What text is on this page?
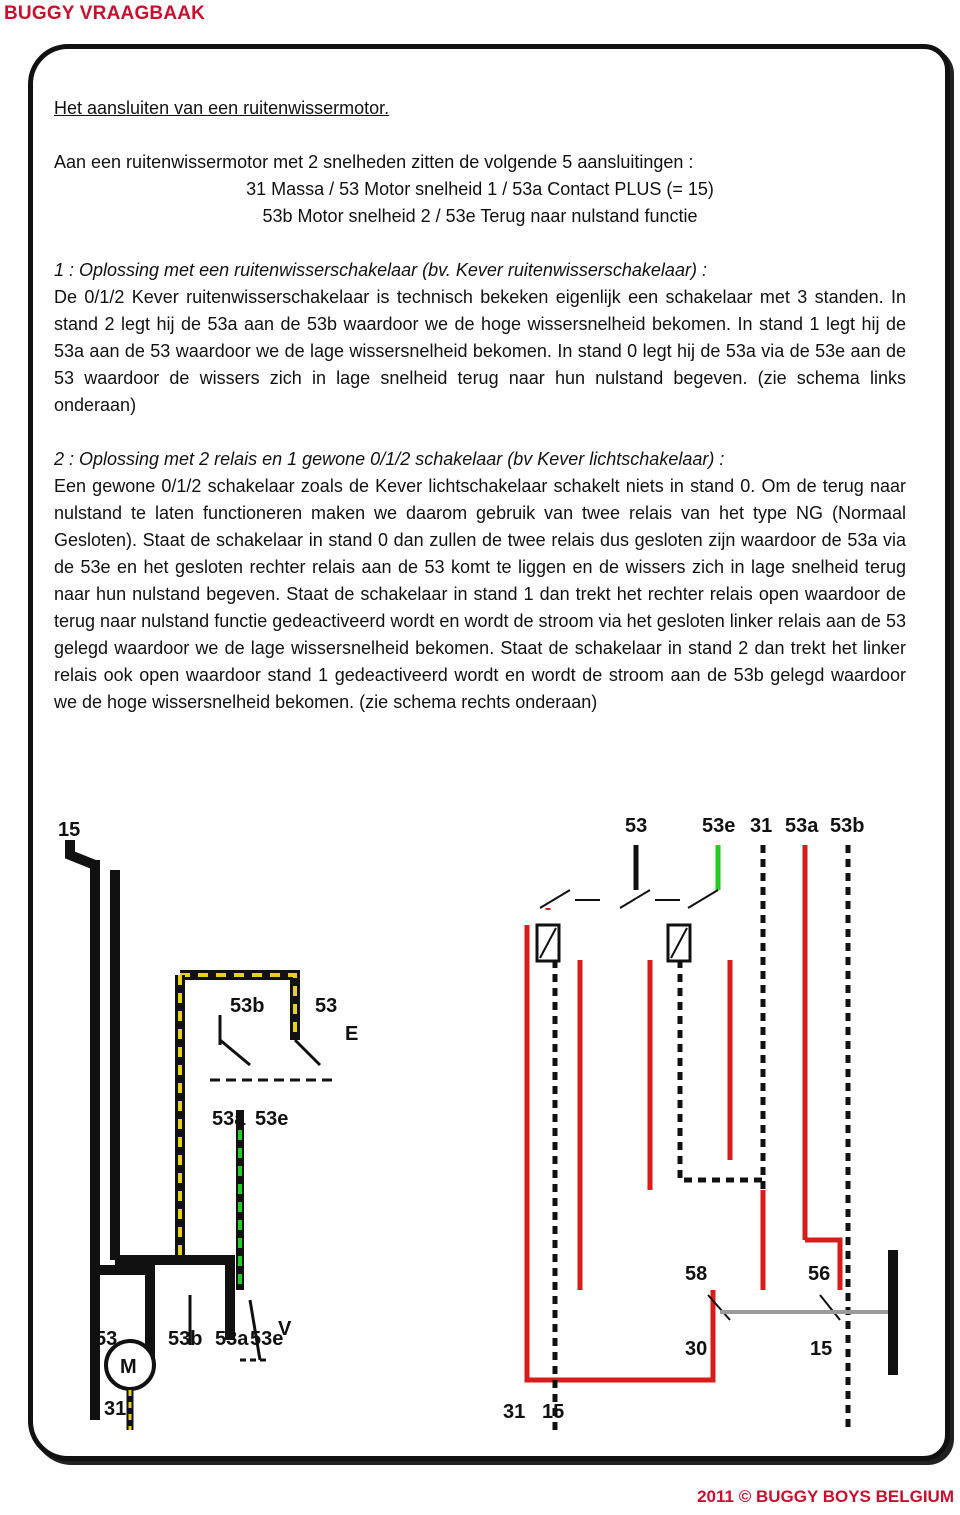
BUGGY VRAAGBAAK

Het aansluiten van een ruitenwissermotor.

Aan een ruitenwissermotor met 2 snelheden zitten de volgende 5 aansluitingen :

31 Massa / 53 Motor snelheid 1 / 53a Contact PLUS (= 15)

53b Motor snelheid 2 / 53e Terug naar nulstand functie

1 : Oplossing met een ruitenwisserschakelaar (bv. Kever ruitenwisserschakelaar) :

De 0/1/2 Kever ruitenwisserschakelaar is technisch bekeken eigenlijk een schakelaar met 3 standen. In stand 2 legt hij de 53a aan de 53b waardoor we de hoge wissersnelheid bekomen. In stand 1 legt hij de 53a aan de 53 waardoor we de lage wissersnelheid bekomen. In stand 0 legt hij de 53a via de 53e aan de 53 waardoor de wissers zich in lage snelheid terug naar hun nulstand begeven. (zie schema links onderaan)

2 : Oplossing met 2 relais en 1 gewone 0/1/2 schakelaar (bv Kever lichtschakelaar) :

Een gewone 0/1/2 schakelaar zoals de Kever lichtschakelaar schakelt niets in stand 0. Om de terug naar nulstand te laten functioneren maken we daarom gebruik van twee relais van het type NG (Normaal Gesloten). Staat de schakelaar in stand 0 dan zullen de twee relais dus gesloten zijn waardoor de 53a via de 53e en het gesloten rechter relais aan de 53 komt te liggen en de wissers zich in lage snelheid terug naar hun nulstand begeven. Staat de schakelaar in stand 1 dan trekt het rechter relais open waardoor de terug naar nulstand functie gedeactiveerd wordt en wordt de stroom via het gesloten linker relais aan de 53 gelegd waardoor we de lage wissersnelheid bekomen. Staat de schakelaar in stand 2 dan trekt het linker relais ook open waardoor stand 1 gedeactiveerd wordt en wordt de stroom aan de 53b gelegd waardoor we de hoge wissersnelheid bekomen. (zie schema rechts onderaan)

M
15
53b	53
E
53a 53e
53	53b 53a 53e
31
V
53	53e 31 53a 53b
58	56
30	15
31 15
2011 © BUGGY BOYS BELGIUM
